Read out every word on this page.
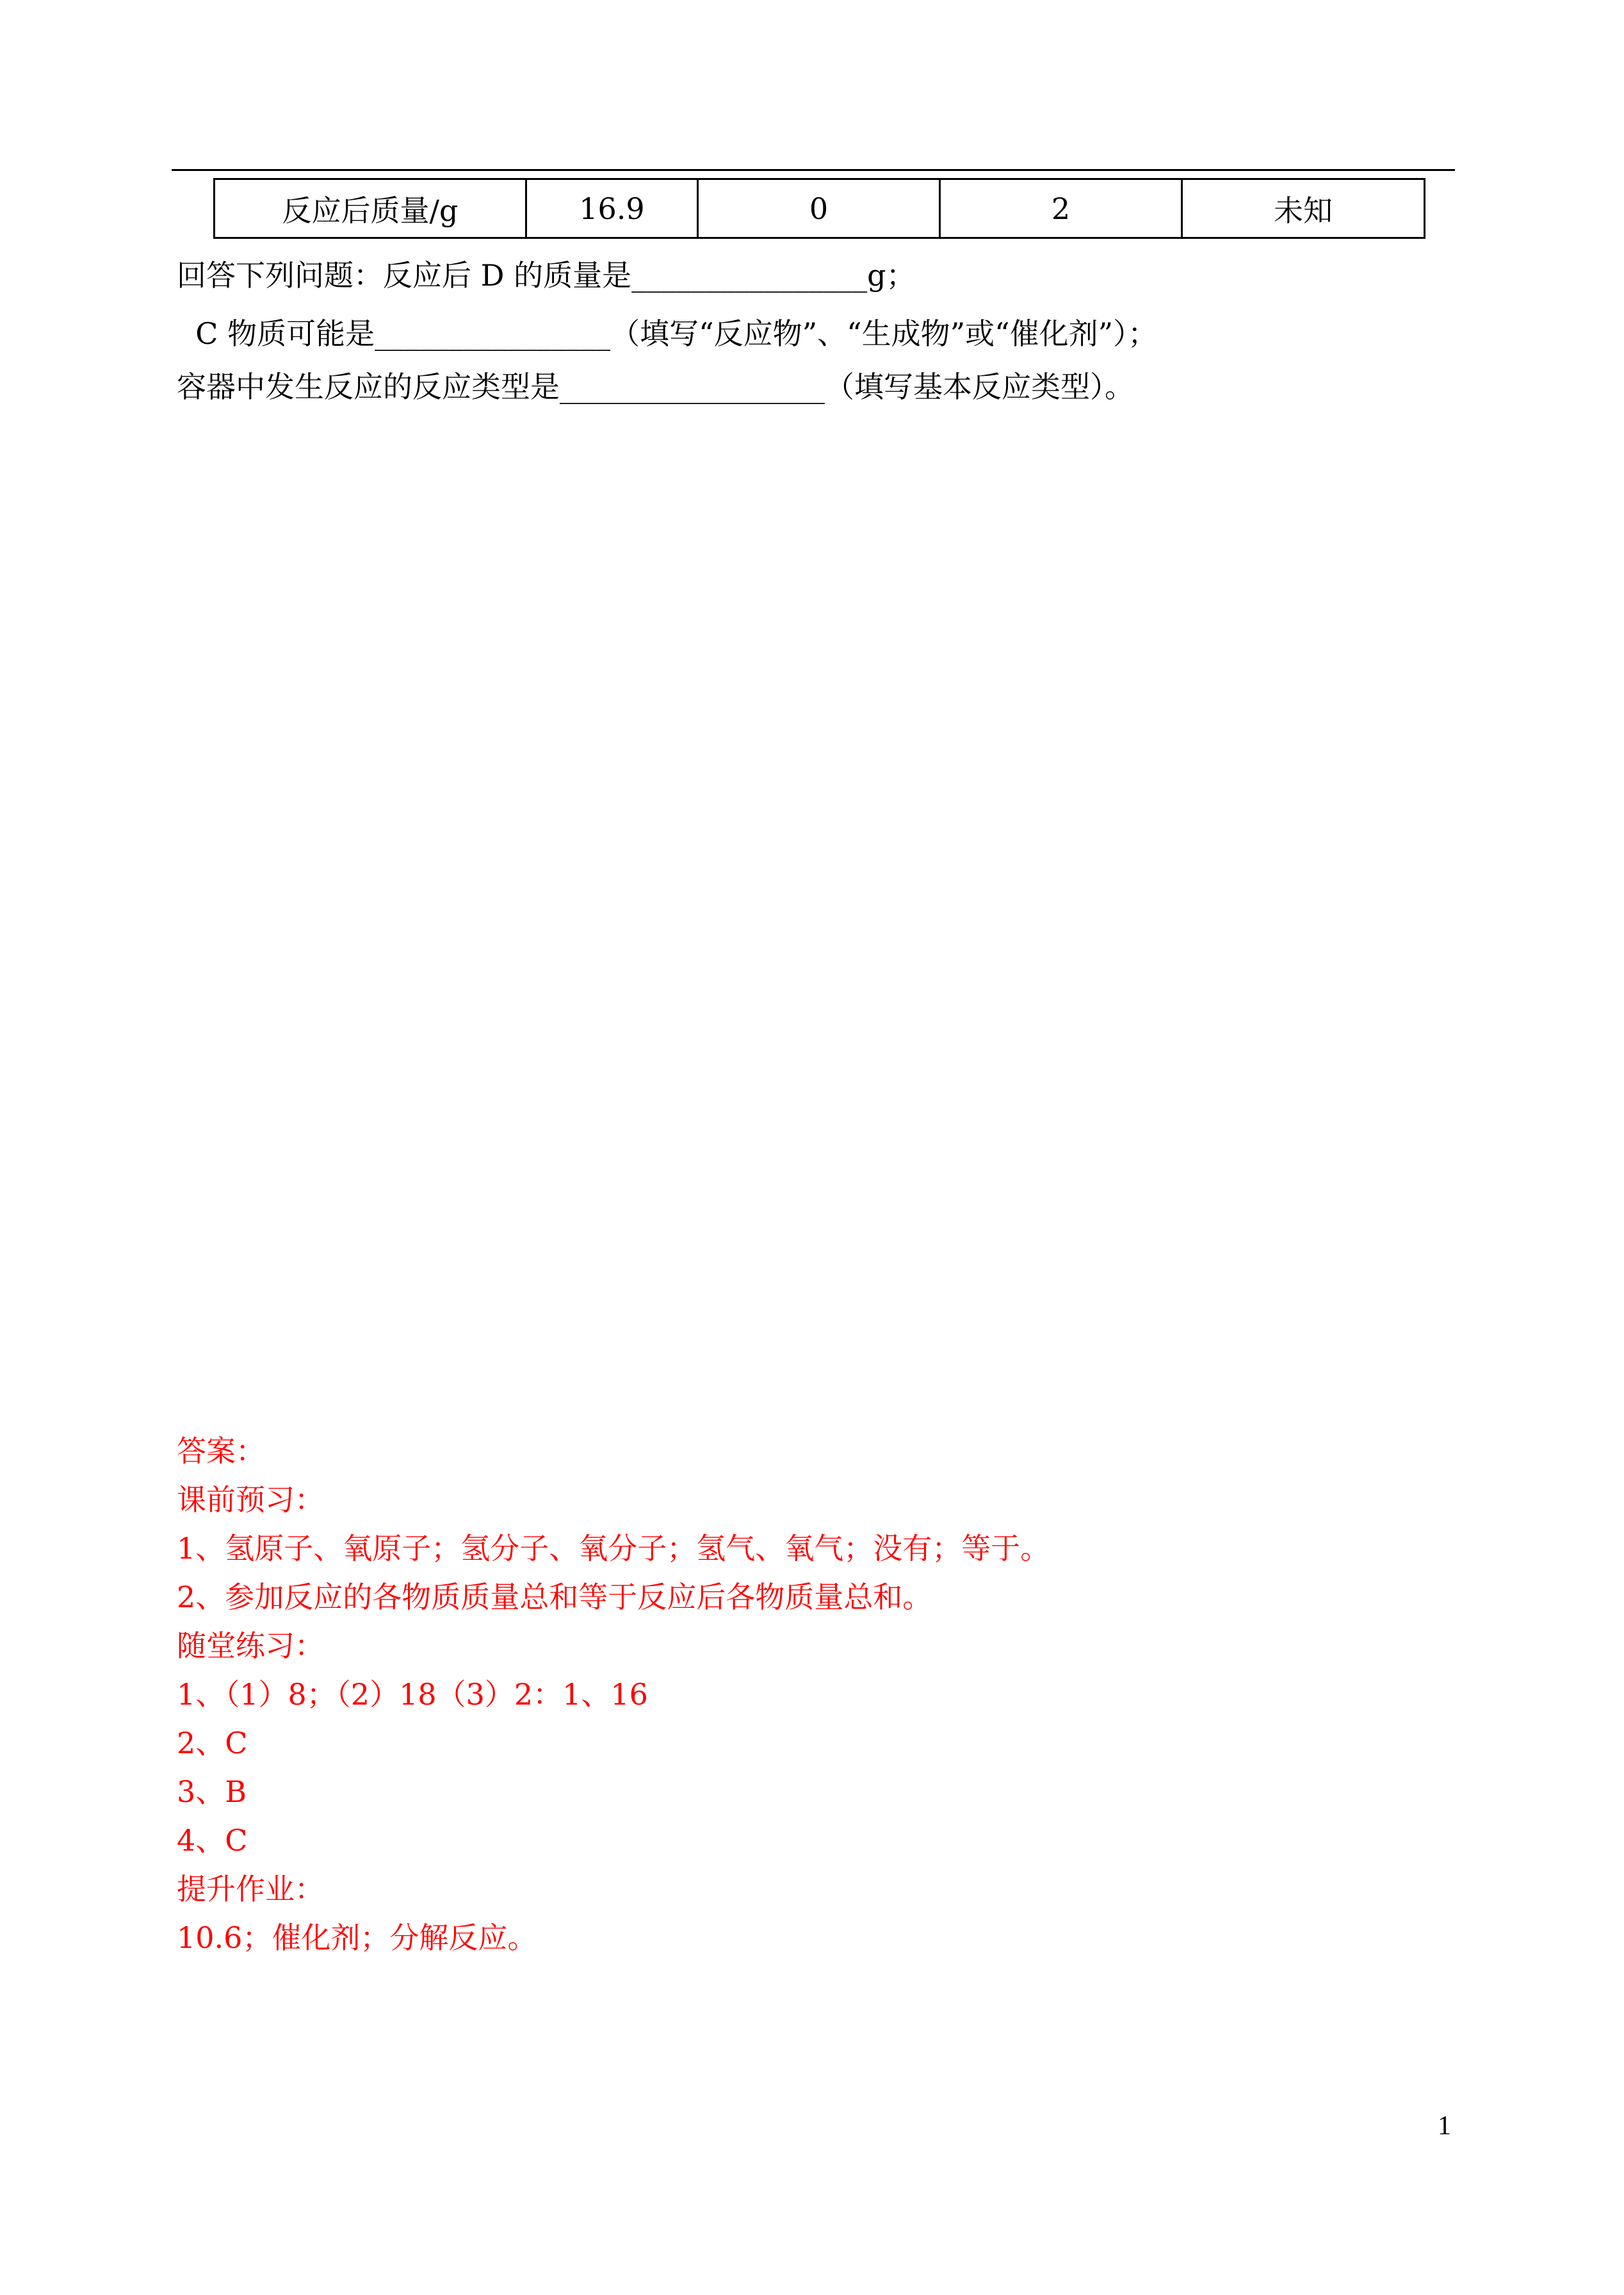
反应后质量/g	16.9	0	2	未知
回答下列问题：反应后 D 的质量是________________g；
C 物质可能是________________（填写“反应物”、“生成物”或“催化剂”）；
容器中发生反应的反应类型是__________________（填写基本反应类型）。
答案：
课前预习：
1、氢原子、氧原子；氢分子、氧分子；氢气、氧气；没有；等于。
2、参加反应的各物质质量总和等于反应后各物质量总和。
随堂练习：
1、（1）8；（2）18（3）2：1、16
2、C
3、B
4、C
提升作业：
10.6；催化剂；分解反应。
1
